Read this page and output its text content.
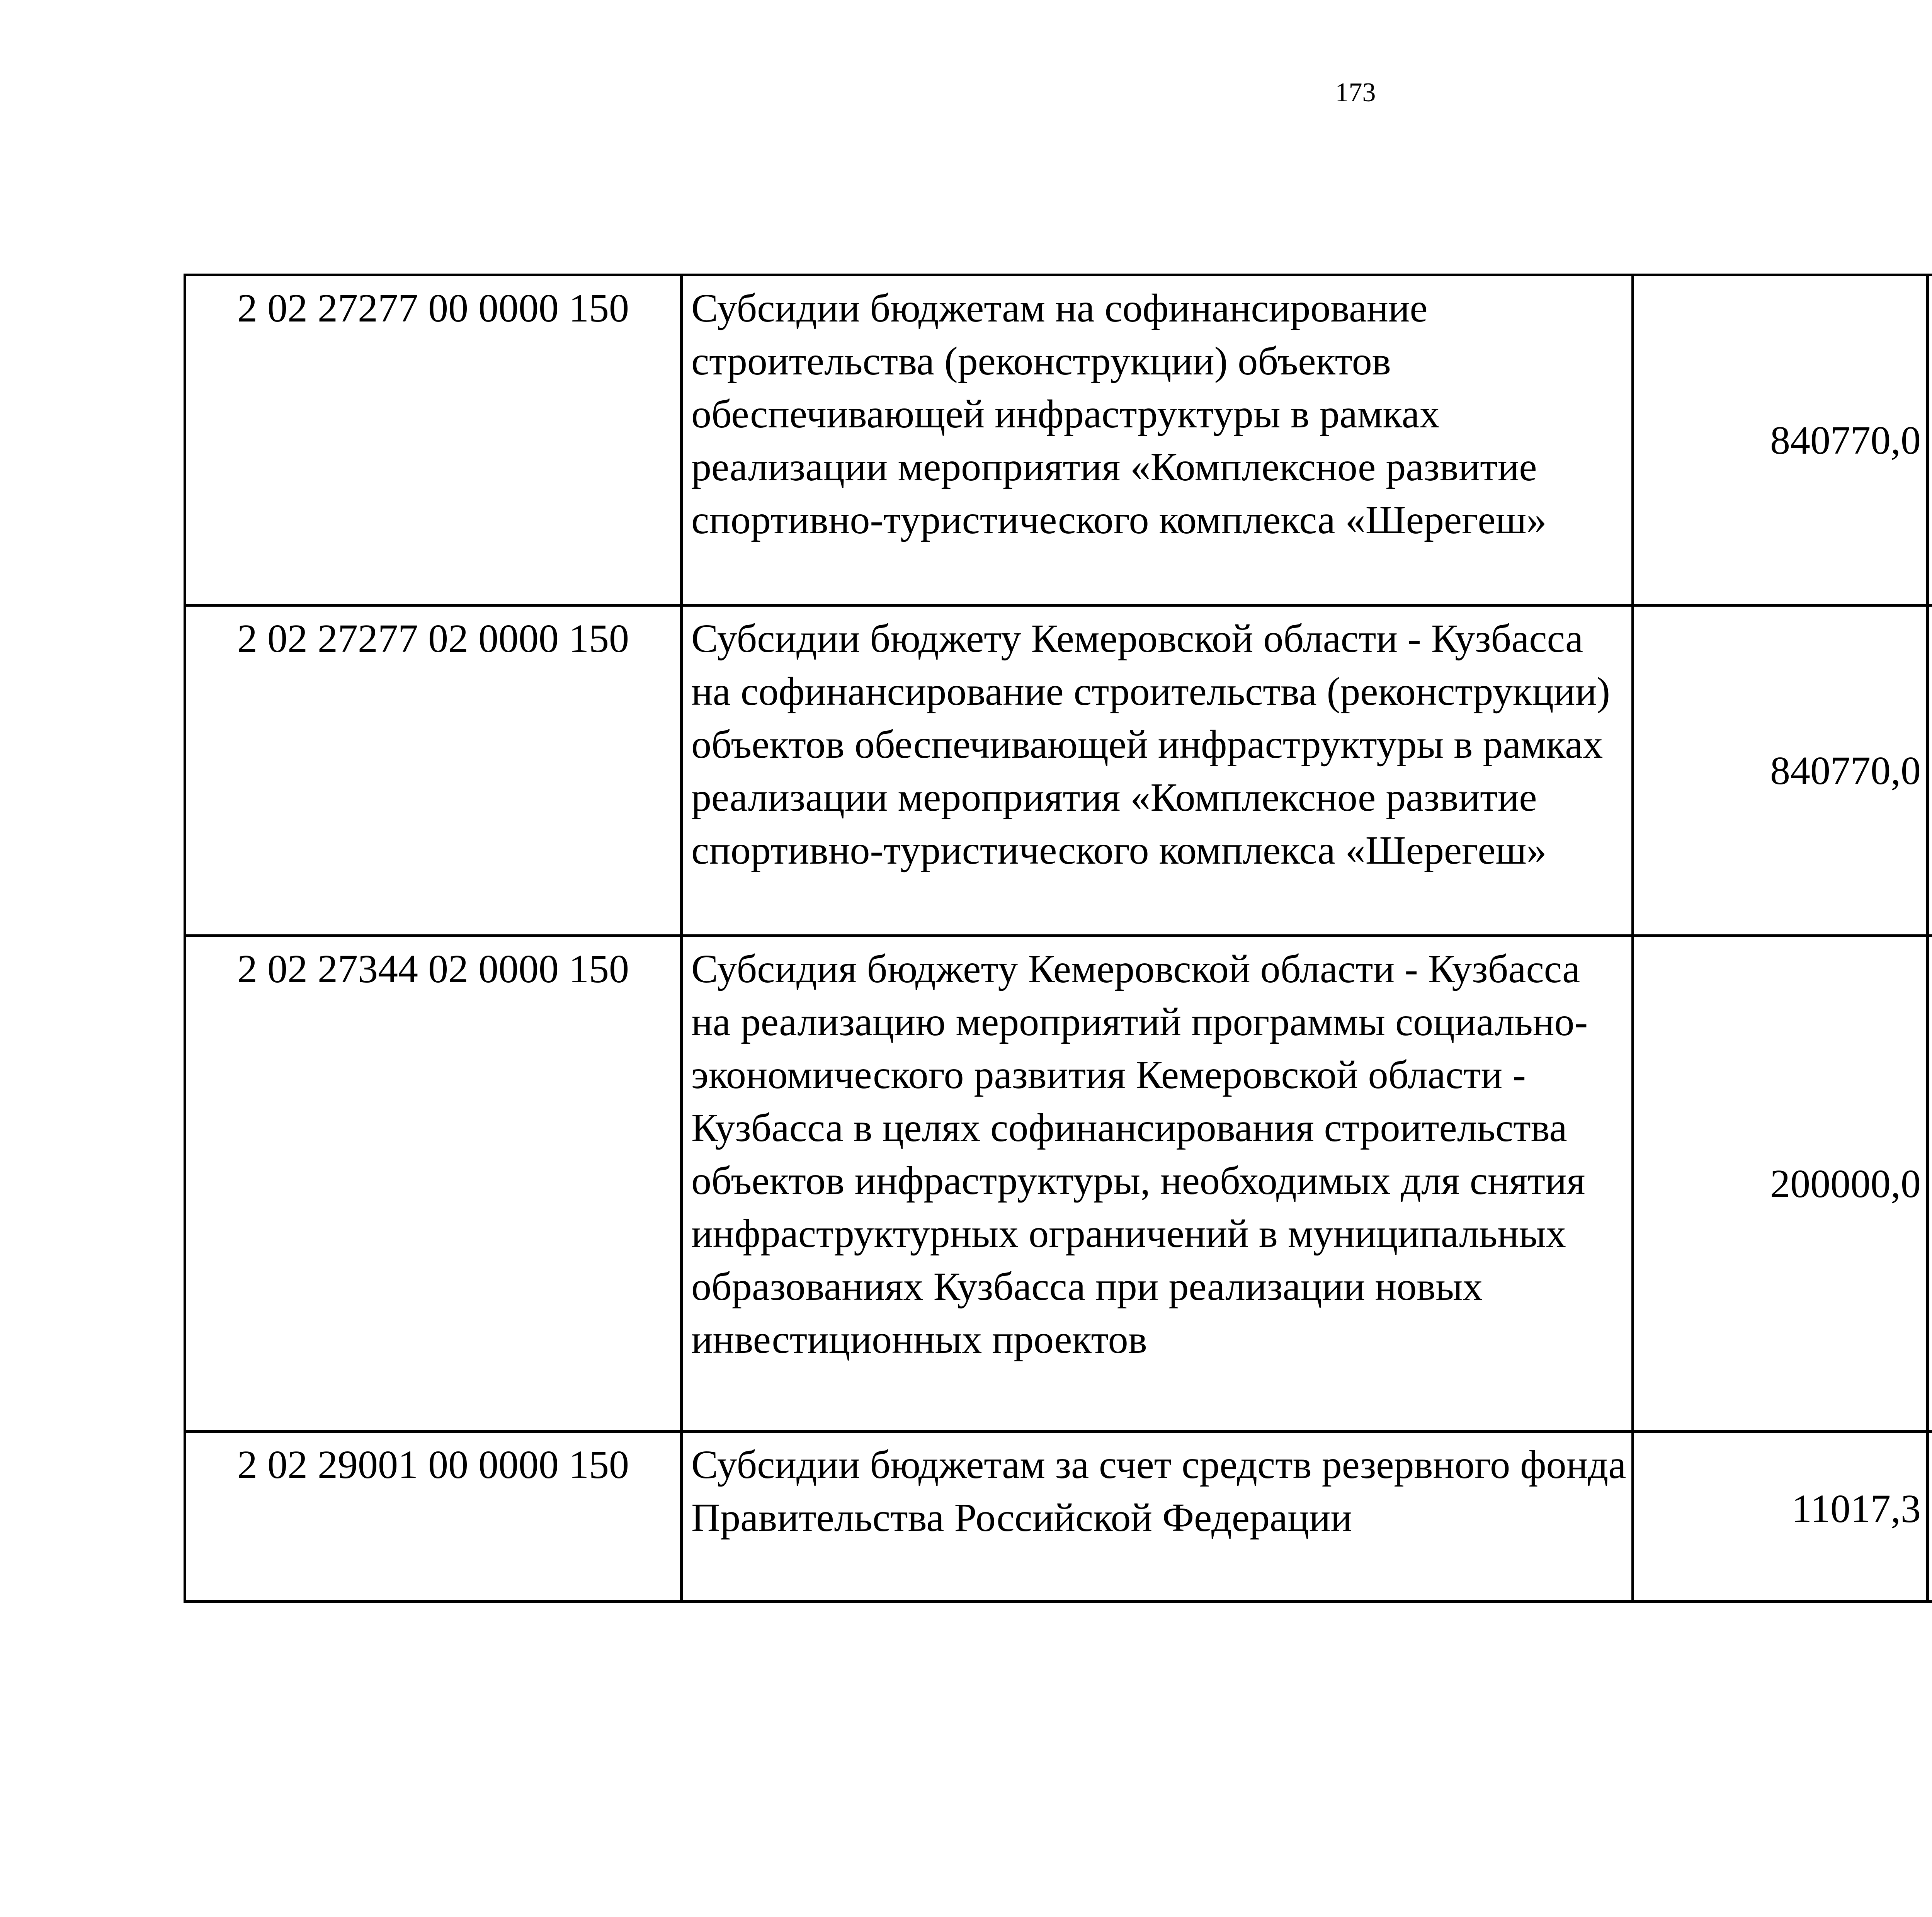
173
2 02 27277 00 0000 150	Субсидии бюджетам на софинансирование строительства (реконструкции) объектов обеспечивающей инфраструктуры в рамках реализации мероприятия «Комплексное развитие спортивно-туристического комплекса «Шерегеш»	840770,0		
2 02 27277 02 0000 150	Субсидии бюджету Кемеровской области - Кузбасса на софинансирование строительства (реконструкции) объектов обеспечивающей инфраструктуры в рамках реализации мероприятия «Комплексное развитие спортивно-туристического комплекса «Шерегеш»	840770,0		
2 02 27344 02 0000 150	Субсидия бюджету Кемеровской области - Кузбасса на реализацию мероприятий программы социально-экономического развития Кемеровской области - Кузбасса в целях софинансирования строительства объектов инфраструктуры, необходимых для снятия инфраструктурных ограничений в муниципальных образованиях Кузбасса при реализации новых инвестиционных проектов	200000,0		
2 02 29001 00 0000 150	Субсидии бюджетам за счет средств резервного фонда Правительства Российской Федерации	11017,3		
